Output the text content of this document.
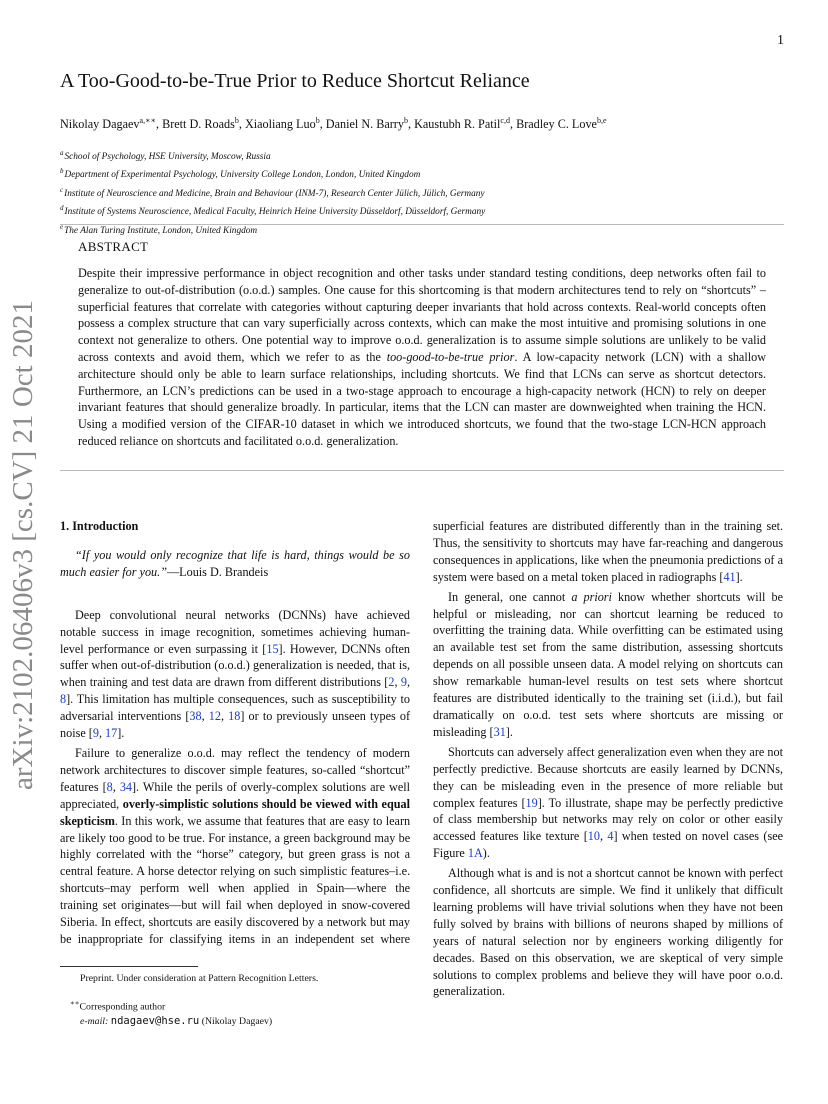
1
arXiv:2102.06406v3 [cs.CV] 21 Oct 2021
A Too-Good-to-be-True Prior to Reduce Shortcut Reliance
Nikolay Dagaev$^{a,∗∗}$, Brett D. Roads$^b$, Xiaoliang Luo$^b$, Daniel N. Barry$^b$, Kaustubh R. Patil$^{c,d}$, Bradley C. Love$^{b,e}$
$^a$School of Psychology, HSE University, Moscow, Russia
$^b$Department of Experimental Psychology, University College London, London, United Kingdom
$^c$Institute of Neuroscience and Medicine, Brain and Behaviour (INM-7), Research Center Jülich, Jülich, Germany
$^d$Institute of Systems Neuroscience, Medical Faculty, Heinrich Heine University Düsseldorf, Düsseldorf, Germany
$^e$The Alan Turing Institute, London, United Kingdom
ABSTRACT
Despite their impressive performance in object recognition and other tasks under standard testing conditions, deep networks often fail to generalize to out-of-distribution (o.o.d.) samples. One cause for this shortcoming is that modern architectures tend to rely on “shortcuts” – superficial features that correlate with categories without capturing deeper invariants that hold across contexts. Real-world concepts often possess a complex structure that can vary superficially across contexts, which can make the most intuitive and promising solutions in one context not generalize to others. One potential way to improve o.o.d. generalization is to assume simple solutions are unlikely to be valid across contexts and avoid them, which we refer to as the too-good-to-be-true prior. A low-capacity network (LCN) with a shallow architecture should only be able to learn surface relationships, including shortcuts. We find that LCNs can serve as shortcut detectors. Furthermore, an LCN’s predictions can be used in a two-stage approach to encourage a high-capacity network (HCN) to rely on deeper invariant features that should generalize broadly. In particular, items that the LCN can master are downweighted when training the HCN. Using a modified version of the CIFAR-10 dataset in which we introduced shortcuts, we found that the two-stage LCN-HCN approach reduced reliance on shortcuts and facilitated o.o.d. generalization.
1. Introduction
“If you would only recognize that life is hard, things would be so much easier for you.”—Louis D. Brandeis

Deep convolutional neural networks (DCNNs) have achieved notable success in image recognition, sometimes achieving human-level performance or even surpassing it [15]. However, DCNNs often suffer when out-of-distribution (o.o.d.) generalization is needed, that is, when training and test data are drawn from different distributions [2, 9, 8]. This limitation has multiple consequences, such as susceptibility to adversarial interventions [38, 12, 18] or to previously unseen types of noise [9, 17].

Failure to generalize o.o.d. may reflect the tendency of modern network architectures to discover simple features, so-called “shortcut” features [8, 34]. While the perils of overly-complex solutions are well appreciated, overly-simplistic solutions should be viewed with equal skepticism. In this work, we assume that features that are easy to learn are likely too good to be true. For instance, a green background may be highly correlated with the “horse” category, but green grass is not a central feature. A horse detector relying on such simplistic features–i.e. shortcuts–may perform well when applied in Spain—where the training set originates—but will fail when deployed in snow-covered Siberia. In effect, shortcuts are easily discovered by a network but may be inappropriate for classifying items in an independent set where

superficial features are distributed differently than in the training set. Thus, the sensitivity to shortcuts may have far-reaching and dangerous consequences in applications, like when the pneumonia predictions of a system were based on a metal token placed in radiographs [41].

In general, one cannot a priori know whether shortcuts will be helpful or misleading, nor can shortcut learning be reduced to overfitting the training data. While overfitting can be estimated using an available test set from the same distribution, assessing shortcuts depends on all possible unseen data. A model relying on shortcuts can show remarkable human-level results on test sets where shortcut features are distributed identically to the training set (i.i.d.), but fail dramatically on o.o.d. test sets where shortcuts are missing or misleading [31].

Shortcuts can adversely affect generalization even when they are not perfectly predictive. Because shortcuts are easily learned by DCNNs, they can be misleading even in the presence of more reliable but complex features [19]. To illustrate, shape may be perfectly predictive of class membership but networks may rely on color or other easily accessed features like texture [10, 4] when tested on novel cases (see Figure 1A).

Although what is and is not a shortcut cannot be known with perfect confidence, all shortcuts are simple. We find it unlikely that difficult learning problems will have trivial solutions when they have not been fully solved by brains with billions of neurons shaped by millions of years of natural selection nor by engineers working diligently for decades. Based on this observation, we are skeptical of very simple solutions to complex problems and believe they will have poor o.o.d. generalization.

Preprint. Under consideration at Pattern Recognition Letters.
∗∗Corresponding author
e-mail: ndagaev@hse.ru (Nikolay Dagaev)
